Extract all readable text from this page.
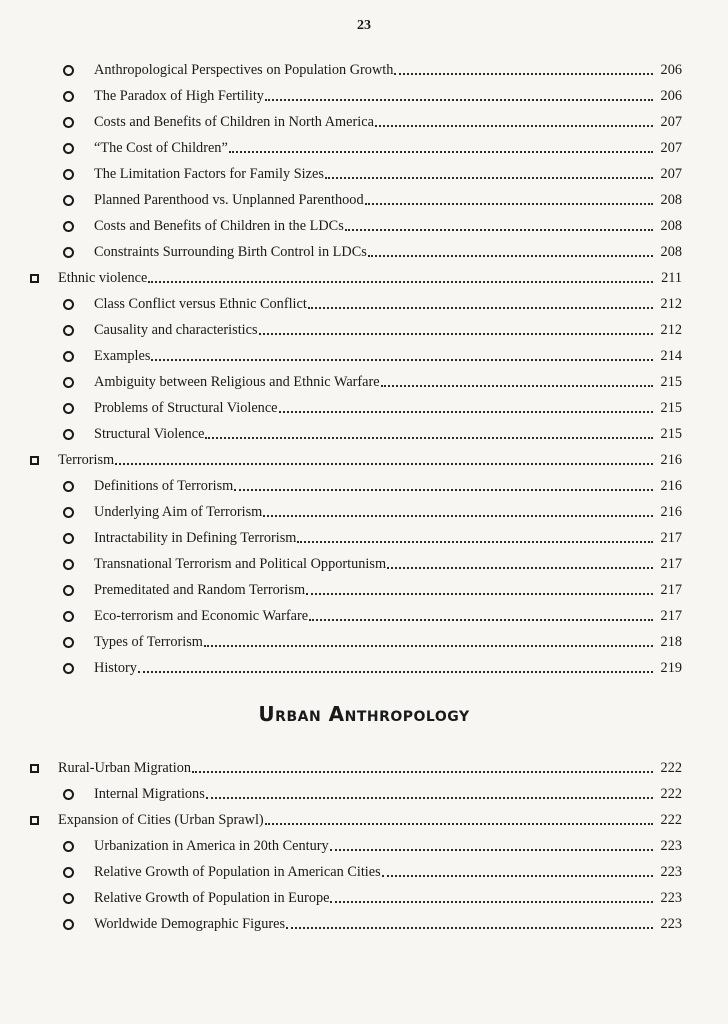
23
Anthropological Perspectives on Population Growth	206
The Paradox of High Fertility	206
Costs and Benefits of Children in North America	207
“The Cost of Children”	207
The Limitation Factors for Family Sizes	207
Planned Parenthood vs. Unplanned Parenthood	208
Costs and Benefits of Children in the LDCs	208
Constraints Surrounding Birth Control in LDCs	208
Ethnic violence	211
Class Conflict versus Ethnic Conflict	212
Causality and characteristics	212
Examples	214
Ambiguity between Religious and Ethnic Warfare	215
Problems of Structural Violence	215
Structural Violence	215
Terrorism	216
Definitions of Terrorism	216
Underlying Aim of Terrorism	216
Intractability in Defining Terrorism	217
Transnational Terrorism and Political Opportunism	217
Premeditated and Random Terrorism	217
Eco-terrorism and Economic Warfare	217
Types of Terrorism	218
History	219
Urban Anthropology
Rural-Urban Migration	222
Internal Migrations	222
Expansion of Cities (Urban Sprawl)	222
Urbanization in America in 20th Century	223
Relative Growth of Population in American Cities	223
Relative Growth of Population in Europe	223
Worldwide Demographic Figures	223
